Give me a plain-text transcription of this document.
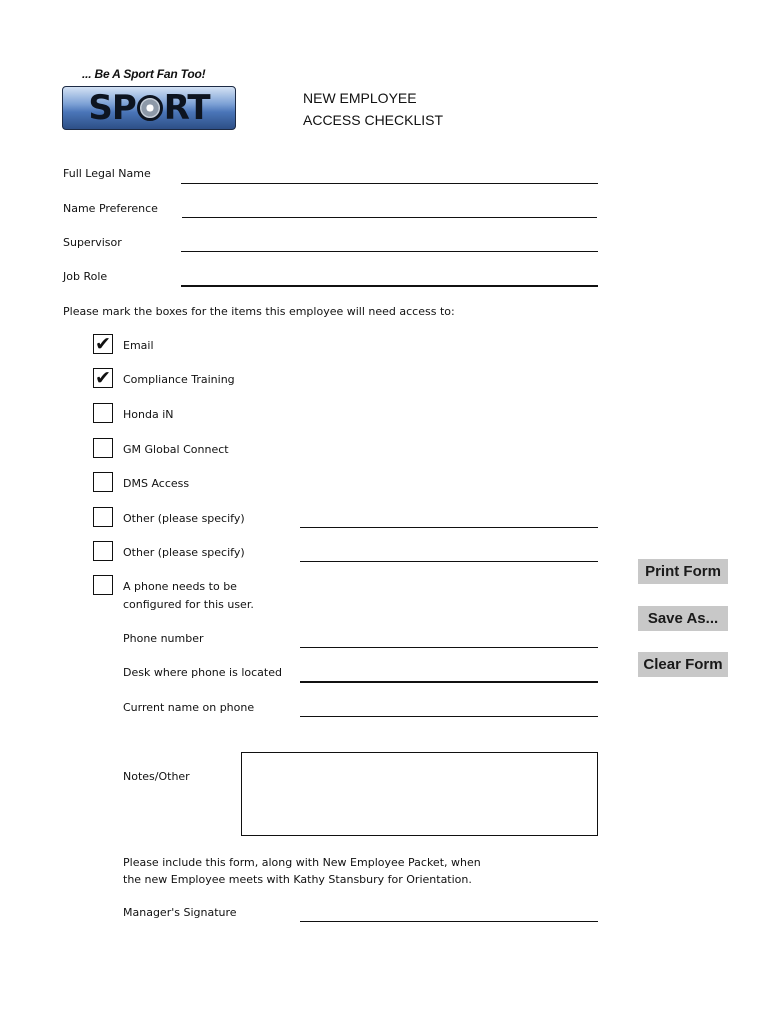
... Be A Sport Fan Too!
SP RT	NEW EMPLOYEE
ACCESS CHECKLIST
Full Legal Name
Name Preference
Supervisor
Job Role
Please mark the boxes for the items this employee will need access to:
✔ Email
✔ Compliance Training
Honda iN
GM Global Connect
DMS Access
Other (please specify)
Other (please specify)
A phone needs to be
configured for this user.
Phone number
Desk where phone is located
Current name on phone
Notes/Other
Please include this form, along with New Employee Packet, when
the new Employee meets with Kathy Stansbury for Orientation.
Manager's Signature
Print Form
Save As...
Clear Form
